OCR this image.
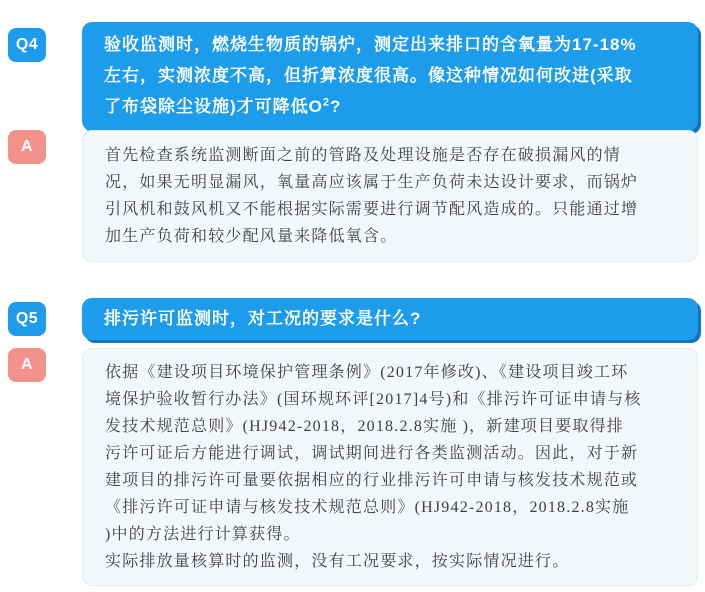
Q4	验收监测时，燃烧生物质的锅炉，测定出来排口的含氧量为17-18%
左右，实测浓度不高，但折算浓度很高。像这种情况如何改进(采取
了布袋除尘设施)才可降低$O^2$?
A
首先检查系统监测断面之前的管路及处理设施是否存在破损漏风的情
况，如果无明显漏风，氧量高应该属于生产负荷未达设计要求，而锅炉
引风机和鼓风机又不能根据实际需要进行调节配风造成的。只能通过增
加生产负荷和较少配风量来降低氧含。
Q5	排污许可监测时，对工况的要求是什么?
A	依据《建设项目环境保护管理条例》(2017年修改)、《建设项目竣工环
境保护验收暂行办法》(国环规环评[2017]4号)和《排污许可证申请与核
发技术规范总则》(HJ942-2018，2018.2.8实施 )，新建项目要取得排
污许可证后方能进行调试，调试期间进行各类监测活动。因此，对于新
建项目的排污许可量要依据相应的行业排污许可申请与核发技术规范或
《排污许可证申请与核发技术规范总则》(HJ942-2018，2018.2.8实施
)中的方法进行计算获得。
实际排放量核算时的监测，没有工况要求，按实际情况进行。
